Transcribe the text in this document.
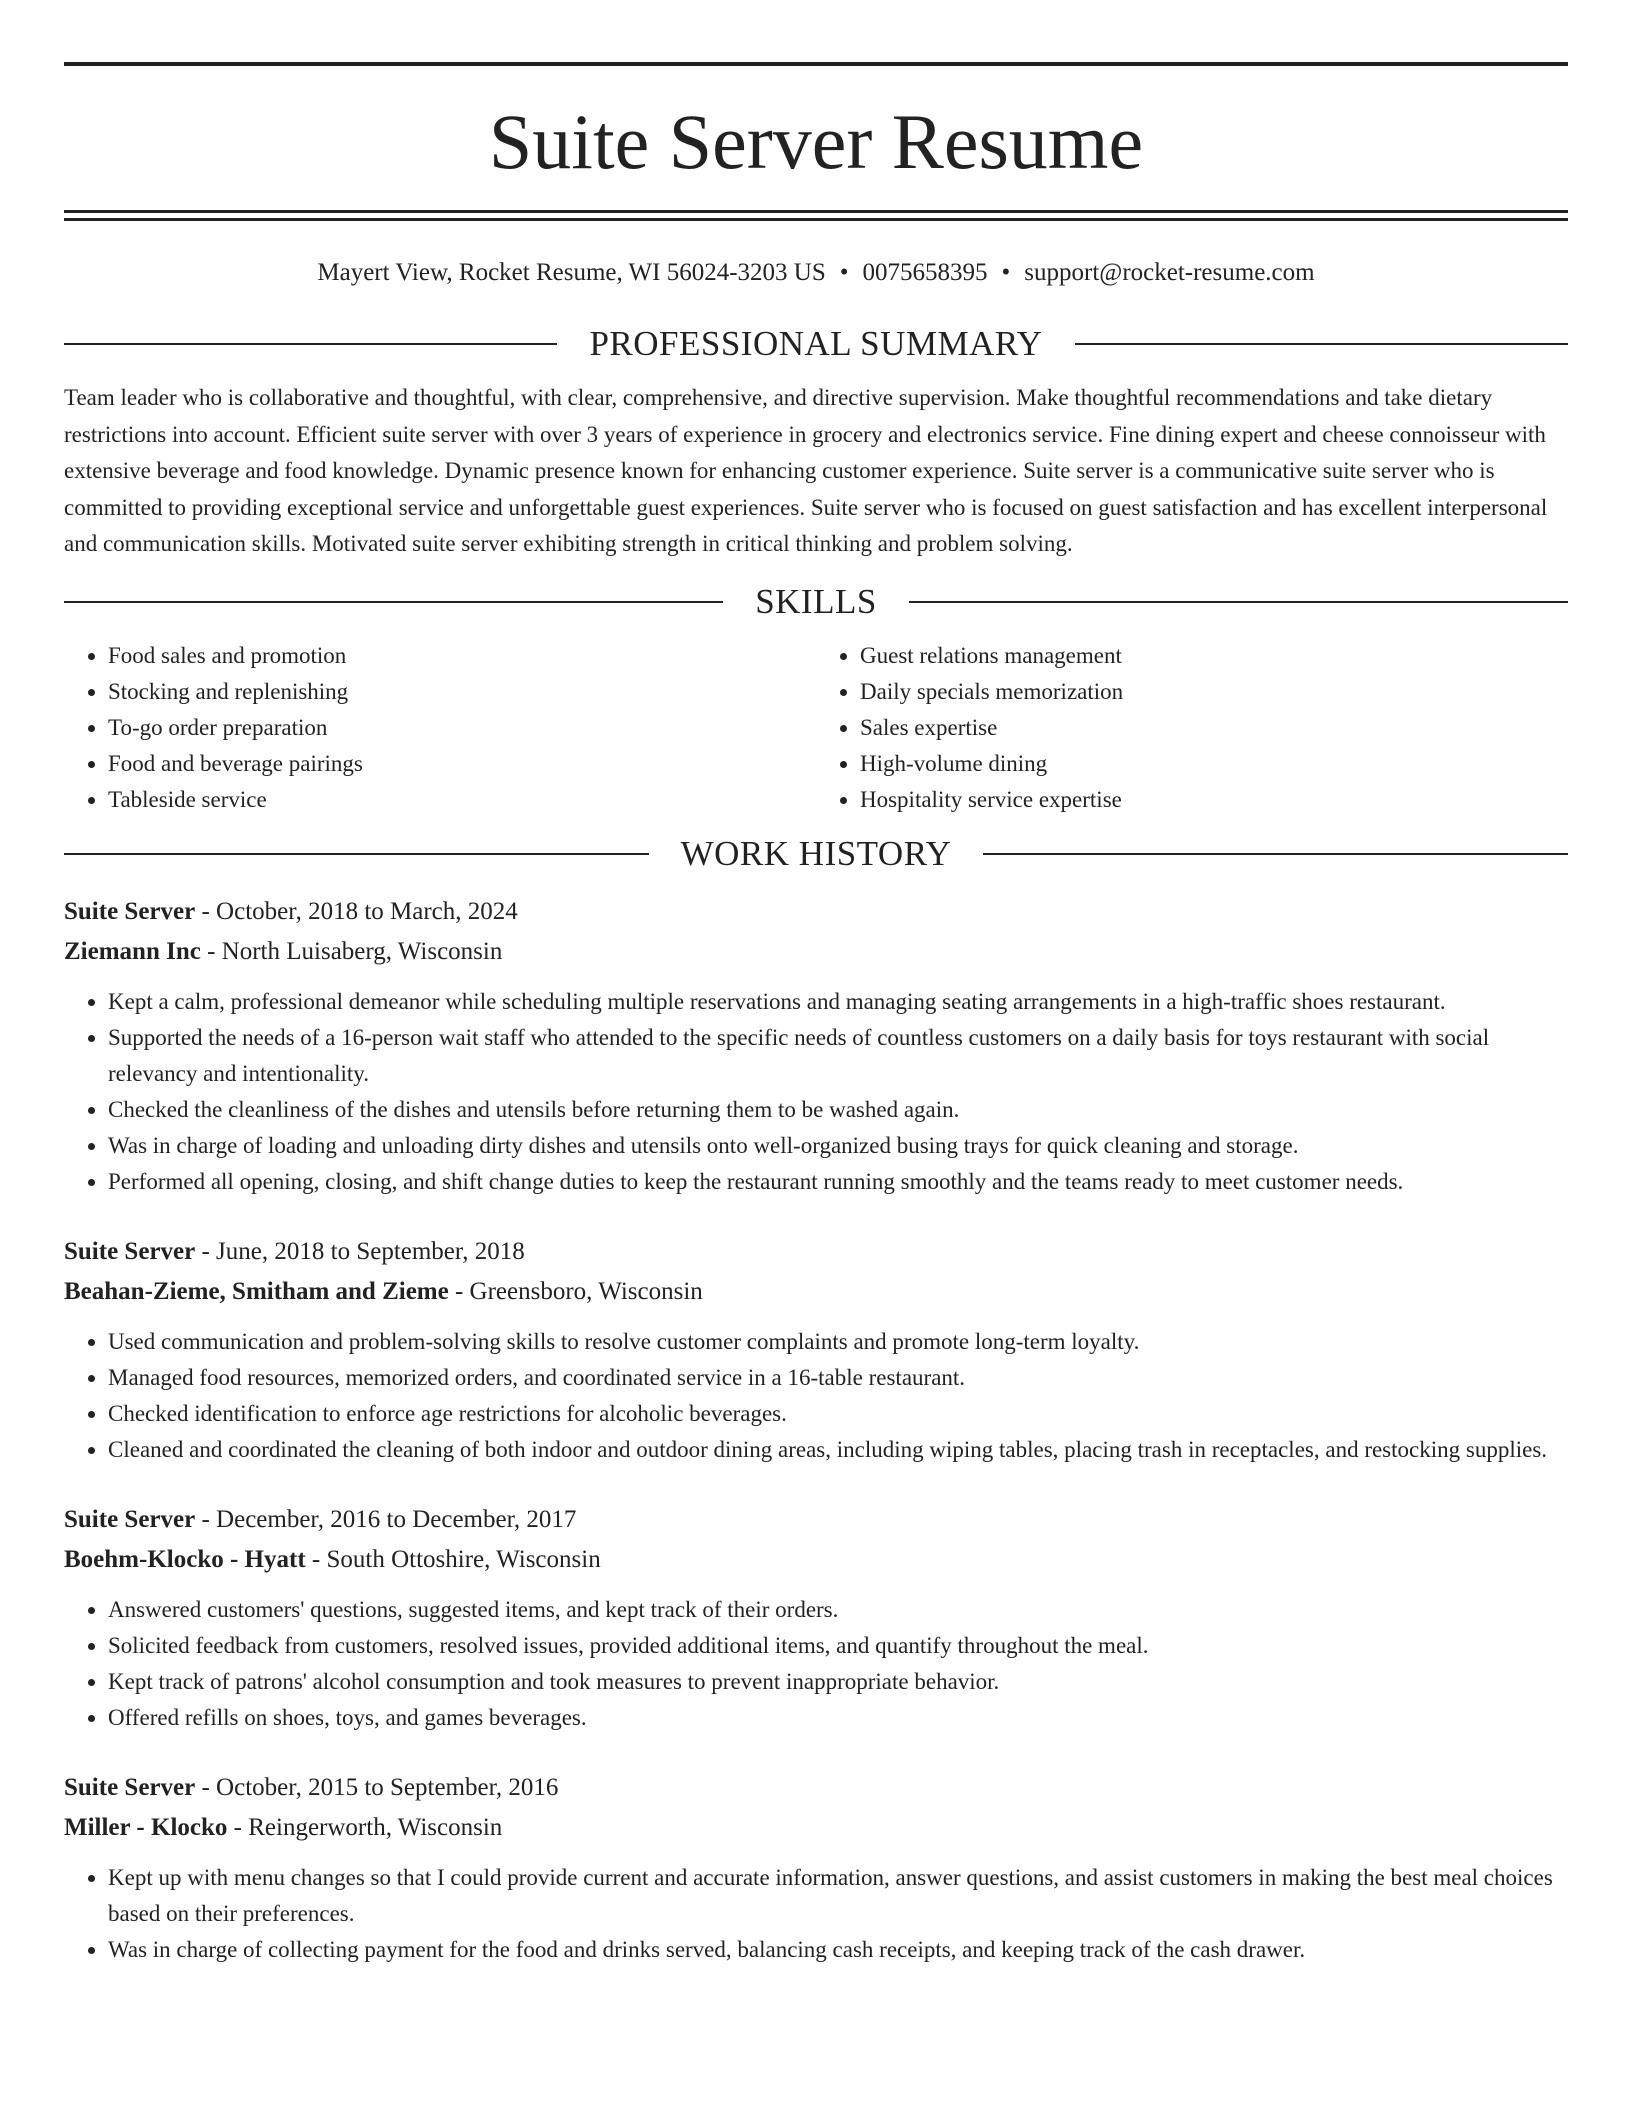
Suite Server Resume
Mayert View, Rocket Resume, WI 56024-3203 US • 0075658395 • support@rocket-resume.com
PROFESSIONAL SUMMARY

Team leader who is collaborative and thoughtful, with clear, comprehensive, and directive supervision. Make thoughtful recommendations and take dietary restrictions into account. Efficient suite server with over 3 years of experience in grocery and electronics service. Fine dining expert and cheese connoisseur with extensive beverage and food knowledge. Dynamic presence known for enhancing customer experience. Suite server is a communicative suite server who is committed to providing exceptional service and unforgettable guest experiences. Suite server who is focused on guest satisfaction and has excellent interpersonal and communication skills. Motivated suite server exhibiting strength in critical thinking and problem solving.

SKILLS
• Food sales and promotion
• Stocking and replenishing
• To-go order preparation
• Food and beverage pairings
• Tableside service
• Guest relations management
• Daily specials memorization
• Sales expertise
• High-volume dining
• Hospitality service expertise
WORK HISTORY
Suite Server - October, 2018 to March, 2024
Ziemann Inc - North Luisaberg, Wisconsin
• Kept a calm, professional demeanor while scheduling multiple reservations and managing seating arrangements in a high-traffic shoes restaurant.
• Supported the needs of a 16-person wait staff who attended to the specific needs of countless customers on a daily basis for toys restaurant with social relevancy and intentionality.
• Checked the cleanliness of the dishes and utensils before returning them to be washed again.
• Was in charge of loading and unloading dirty dishes and utensils onto well-organized busing trays for quick cleaning and storage.
• Performed all opening, closing, and shift change duties to keep the restaurant running smoothly and the teams ready to meet customer needs.
Suite Server - June, 2018 to September, 2018
Beahan-Zieme, Smitham and Zieme - Greensboro, Wisconsin
• Used communication and problem-solving skills to resolve customer complaints and promote long-term loyalty.
• Managed food resources, memorized orders, and coordinated service in a 16-table restaurant.
• Checked identification to enforce age restrictions for alcoholic beverages.
• Cleaned and coordinated the cleaning of both indoor and outdoor dining areas, including wiping tables, placing trash in receptacles, and restocking supplies.
Suite Server - December, 2016 to December, 2017
Boehm-Klocko - Hyatt - South Ottoshire, Wisconsin
• Answered customers' questions, suggested items, and kept track of their orders.
• Solicited feedback from customers, resolved issues, provided additional items, and quantify throughout the meal.
• Kept track of patrons' alcohol consumption and took measures to prevent inappropriate behavior.
• Offered refills on shoes, toys, and games beverages.
Suite Server - October, 2015 to September, 2016
Miller - Klocko - Reingerworth, Wisconsin
• Kept up with menu changes so that I could provide current and accurate information, answer questions, and assist customers in making the best meal choices based on their preferences.
• Was in charge of collecting payment for the food and drinks served, balancing cash receipts, and keeping track of the cash drawer.
